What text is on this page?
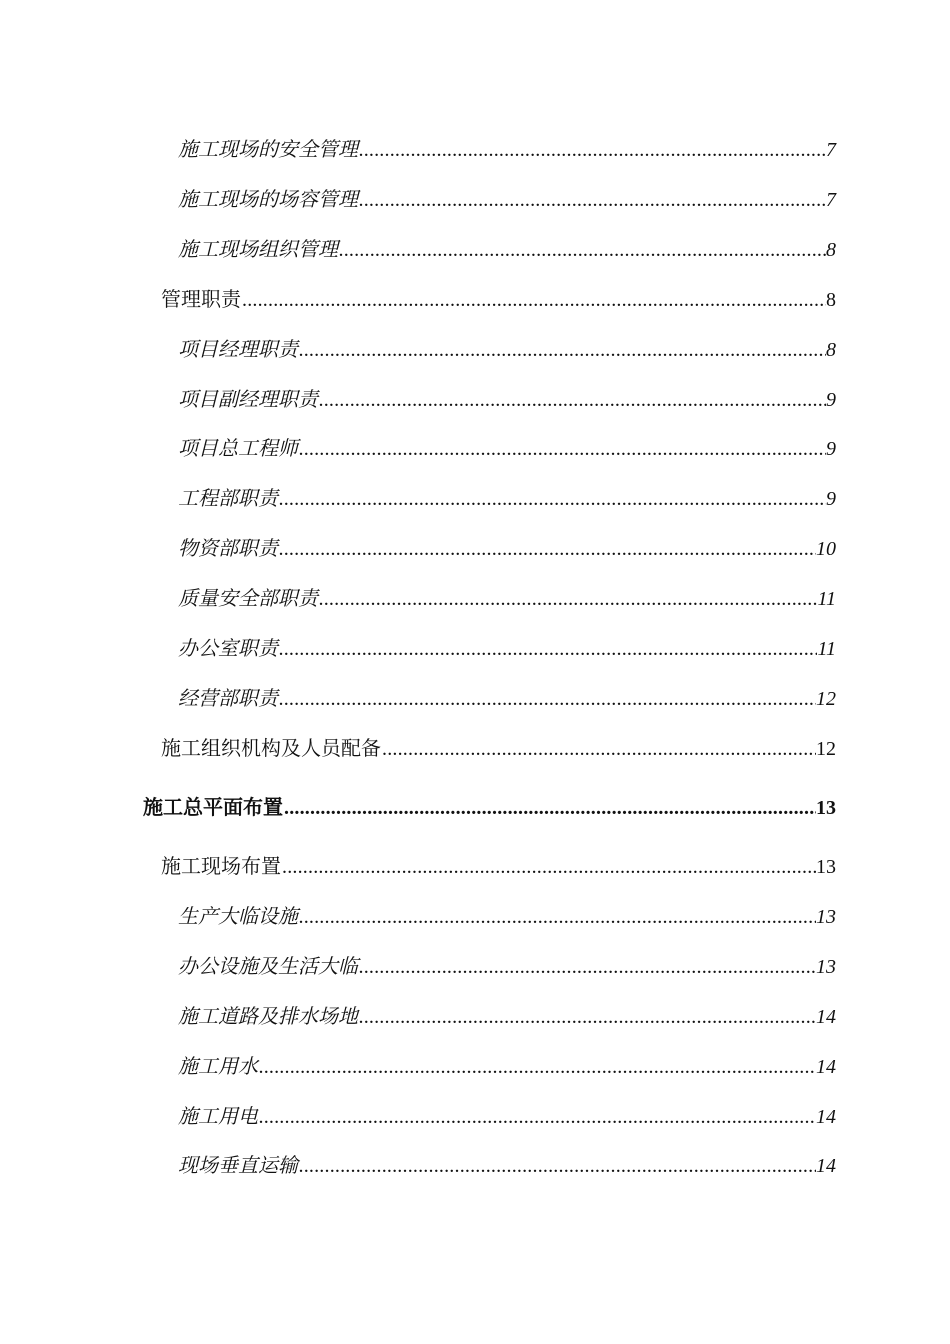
施工现场的安全管理 .....	7
施工现场的场容管理 .....	7
施工现场组织管理 .....	8
管理职责 .....	8
项目经理职责 .....	8
项目副经理职责 .....	9
项目总工程师 .....	9
工程部职责 .....	9
物资部职责 .....	10
质量安全部职责 .....	11
办公室职责 .....	11
经营部职责 .....	12
施工组织机构及人员配备 .....	12
施工总平面布置 .....	13
施工现场布置 .....	13
生产大临设施 .....	13
办公设施及生活大临 .....	13
施工道路及排水场地 .....	14
施工用水 .....	14
施工用电 .....	14
现场垂直运输 .....	14
